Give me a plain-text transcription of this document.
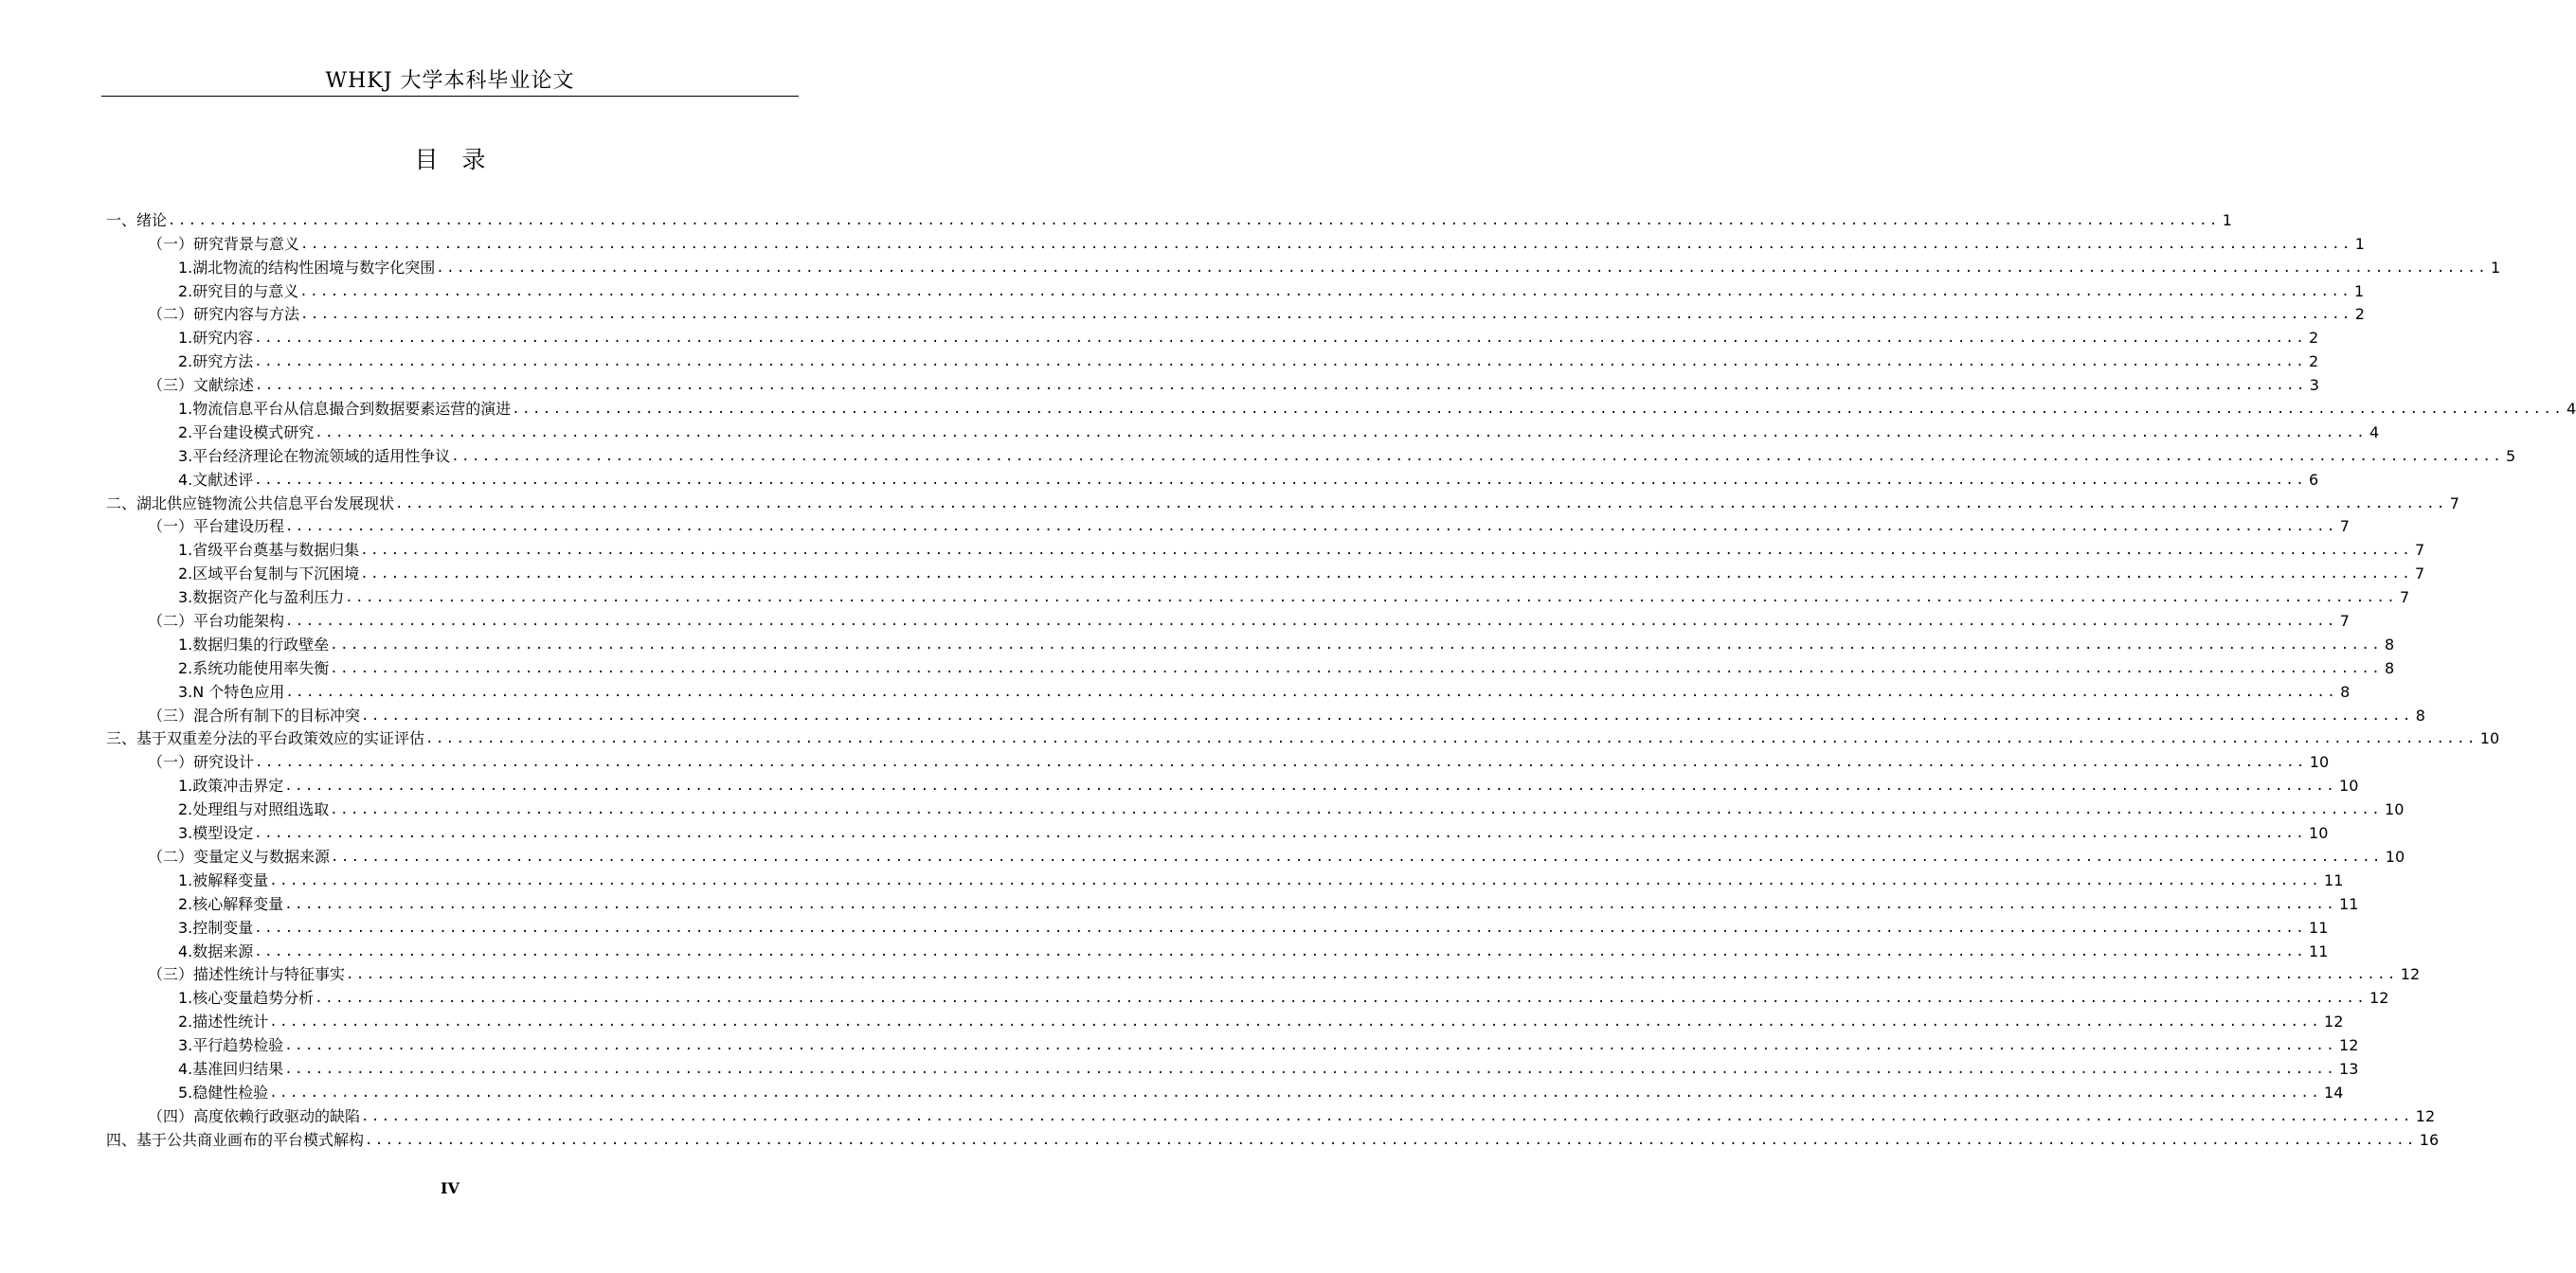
WHKJ 大学本科毕业论文
目　录
一、绪论 ........................................................................................................................................................................................................ 1
（一）研究背景与意义 ........................................................................................................................................................................................................ 1
1.湖北物流的结构性困境与数字化突围 ........................................................................................................................................................................................................ 1
2.研究目的与意义 ........................................................................................................................................................................................................ 1
（二）研究内容与方法 ........................................................................................................................................................................................................ 2
1.研究内容 ........................................................................................................................................................................................................ 2
2.研究方法 ........................................................................................................................................................................................................ 2
（三）文献综述 ........................................................................................................................................................................................................ 3
1.物流信息平台从信息撮合到数据要素运营的演进 ........................................................................................................................................................................................................ 4
2.平台建设模式研究 ........................................................................................................................................................................................................ 4
3.平台经济理论在物流领域的适用性争议 ........................................................................................................................................................................................................ 5
4.文献述评 ........................................................................................................................................................................................................ 6
二、湖北供应链物流公共信息平台发展现状 ........................................................................................................................................................................................................ 7
（一）平台建设历程 ........................................................................................................................................................................................................ 7
1.省级平台奠基与数据归集 ........................................................................................................................................................................................................ 7
2.区域平台复制与下沉困境 ........................................................................................................................................................................................................ 7
3.数据资产化与盈利压力 ........................................................................................................................................................................................................ 7
（二）平台功能架构 ........................................................................................................................................................................................................ 7
1.数据归集的行政壁垒 ........................................................................................................................................................................................................ 8
2.系统功能使用率失衡 ........................................................................................................................................................................................................ 8
3.N 个特色应用 ........................................................................................................................................................................................................ 8
（三）混合所有制下的目标冲突 ........................................................................................................................................................................................................ 8
三、基于双重差分法的平台政策效应的实证评估 ........................................................................................................................................................................................................ 10
（一）研究设计 ........................................................................................................................................................................................................ 10
1.政策冲击界定 ........................................................................................................................................................................................................ 10
2.处理组与对照组选取 ........................................................................................................................................................................................................ 10
3.模型设定 ........................................................................................................................................................................................................ 10
（二）变量定义与数据来源 ........................................................................................................................................................................................................ 10
1.被解释变量 ........................................................................................................................................................................................................ 11
2.核心解释变量 ........................................................................................................................................................................................................ 11
3.控制变量 ........................................................................................................................................................................................................ 11
4.数据来源 ........................................................................................................................................................................................................ 11
（三）描述性统计与特征事实 ........................................................................................................................................................................................................ 12
1.核心变量趋势分析 ........................................................................................................................................................................................................ 12
2.描述性统计 ........................................................................................................................................................................................................ 12
3.平行趋势检验 ........................................................................................................................................................................................................ 12
4.基准回归结果 ........................................................................................................................................................................................................ 13
5.稳健性检验 ........................................................................................................................................................................................................ 14
（四）高度依赖行政驱动的缺陷 ........................................................................................................................................................................................................ 12
四、基于公共商业画布的平台模式解构 ........................................................................................................................................................................................................ 16
IV
